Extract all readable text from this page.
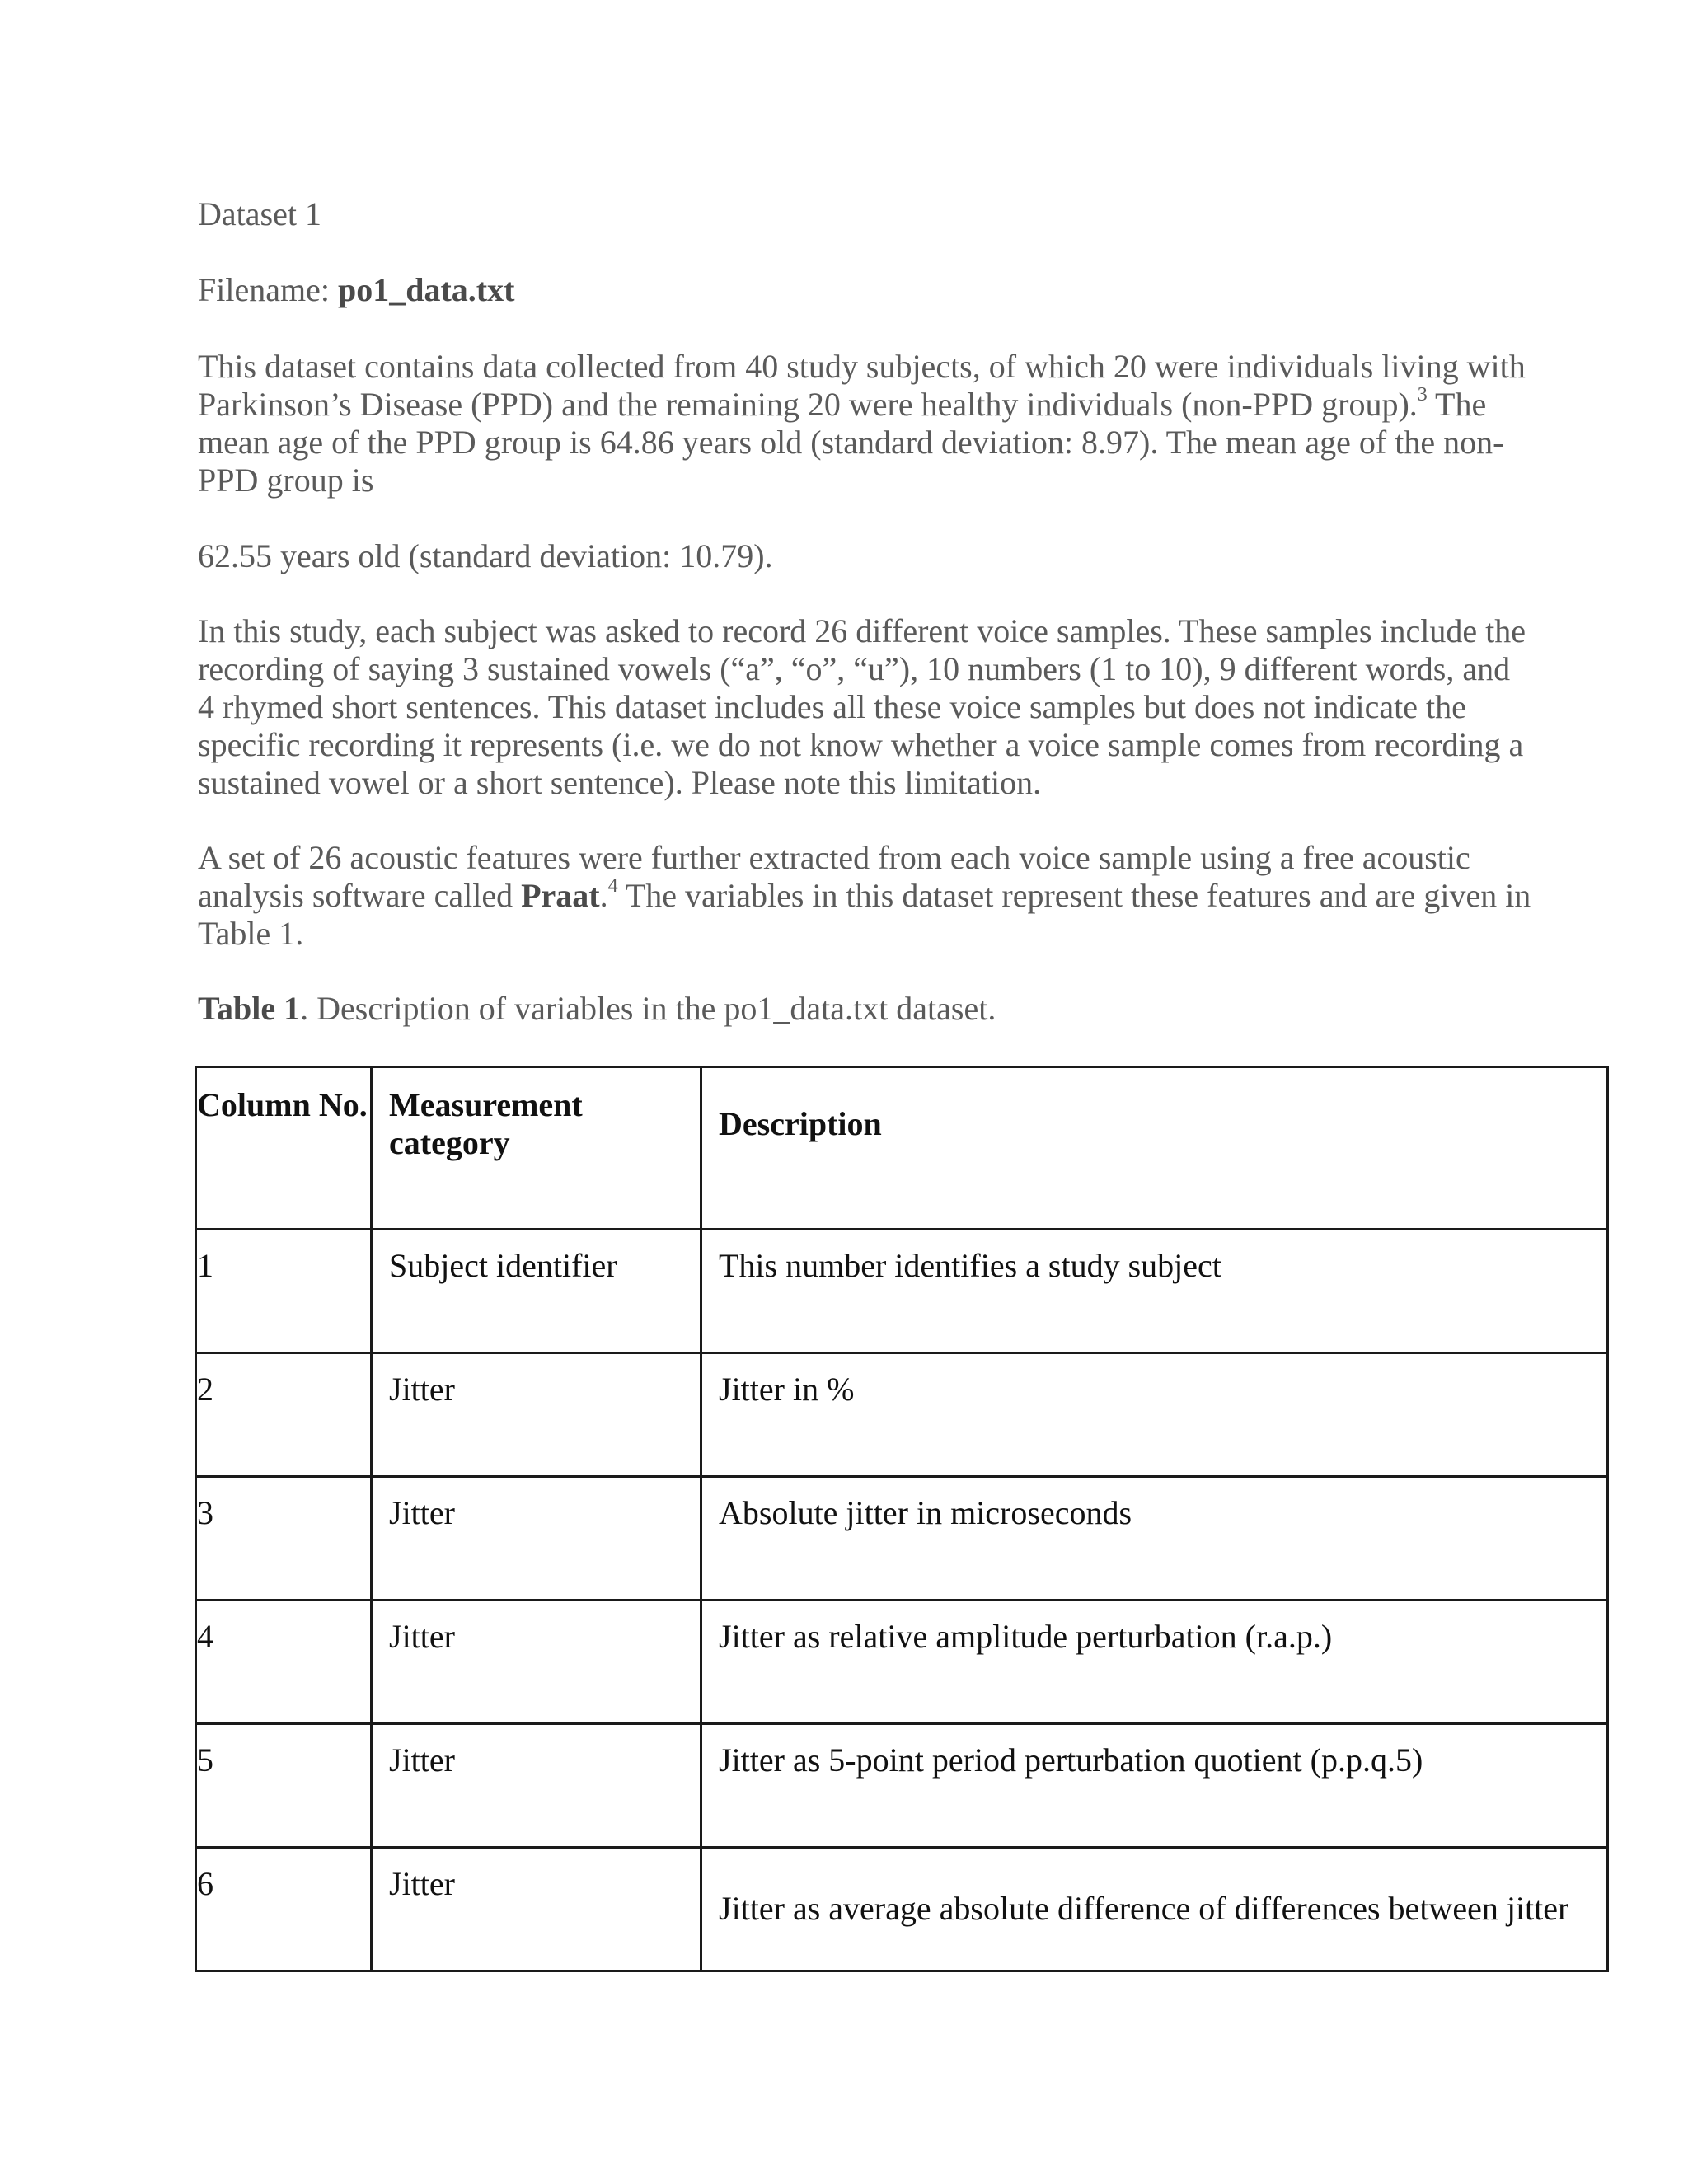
Dataset 1

Filename: po1_data.txt

This dataset contains data collected from 40 study subjects, of which 20 were individuals living with Parkinson’s Disease (PPD) and the remaining 20 were healthy individuals (non-PPD group).$^3$ The mean age of the PPD group is 64.86 years old (standard deviation: 8.97). The mean age of the non-PPD group is

62.55 years old (standard deviation: 10.79).

In this study, each subject was asked to record 26 different voice samples. These samples include the recording of saying 3 sustained vowels (“a”, “o”, “u”), 10 numbers (1 to 10), 9 different words, and 4 rhymed short sentences. This dataset includes all these voice samples but does not indicate the specific recording it represents (i.e. we do not know whether a voice sample comes from recording a sustained vowel or a short sentence). Please note this limitation.

A set of 26 acoustic features were further extracted from each voice sample using a free acoustic analysis software called Praat.$^4$ The variables in this dataset represent these features and are given in Table 1.

Table 1. Description of variables in the po1_data.txt dataset.

Column No.	Measurement category	Description

1	Subject identifier	This number identifies a study subject

2	Jitter	Jitter in %

3	Jitter	Absolute jitter in microseconds

4	Jitter	Jitter as relative amplitude perturbation (r.a.p.)

5	Jitter	Jitter as 5-point period perturbation quotient (p.p.q.5)

6	Jitter	Jitter as average absolute difference of differences between jitter
